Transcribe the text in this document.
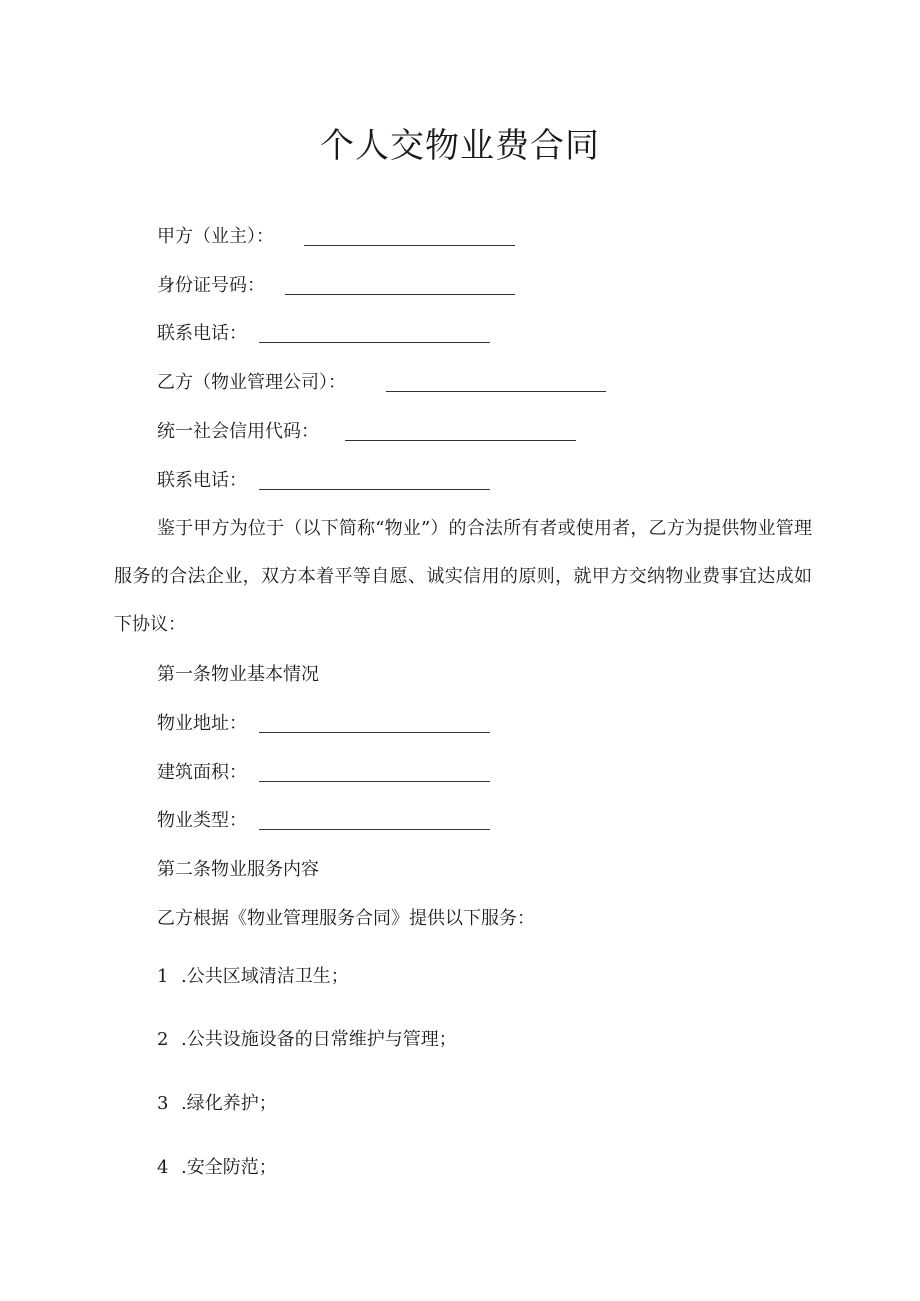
个人交物业费合同
甲方（业主）：
身份证号码：
联系电话：
乙方（物业管理公司）：
统一社会信用代码：
联系电话：
鉴于甲方为位于（以下简称“物业”）的合法所有者或使用者，乙方为提供物业管理服务的合法企业，双方本着平等自愿、诚实信用的原则，就甲方交纳物业费事宜达成如下协议：
第一条物业基本情况
物业地址：
建筑面积：
物业类型：
第二条物业服务内容
乙方根据《物业管理服务合同》提供以下服务：
1 .公共区域清洁卫生；
2 .公共设施设备的日常维护与管理；
3 .绿化养护；
4 .安全防范；
